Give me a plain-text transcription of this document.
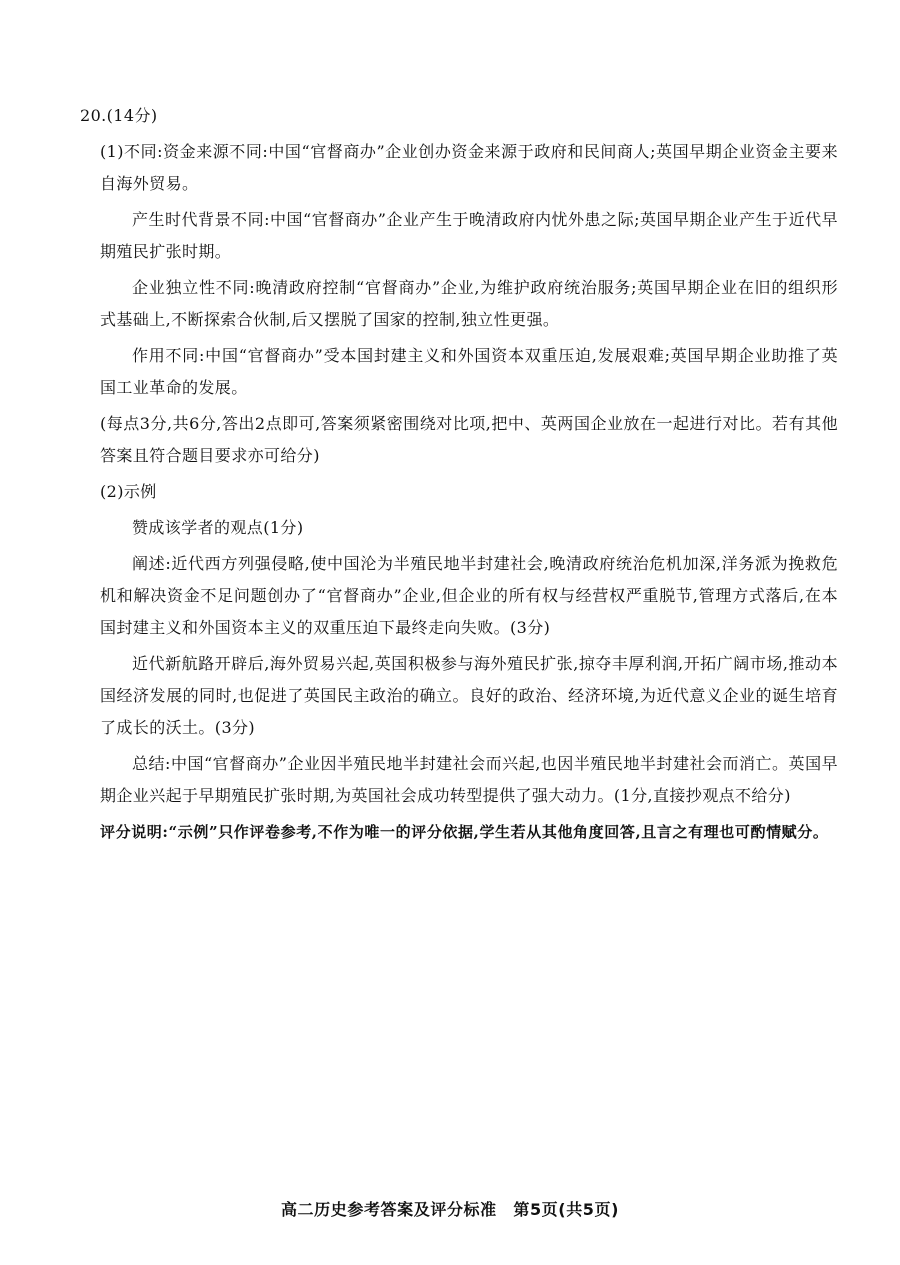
20.(14分)

(1)不同:资金来源不同:中国“官督商办”企业创办资金来源于政府和民间商人;英国早期企业资金主要来自海外贸易。

产生时代背景不同:中国“官督商办”企业产生于晚清政府内忧外患之际;英国早期企业产生于近代早期殖民扩张时期。

企业独立性不同:晚清政府控制“官督商办”企业,为维护政府统治服务;英国早期企业在旧的组织形式基础上,不断探索合伙制,后又摆脱了国家的控制,独立性更强。

作用不同:中国“官督商办”受本国封建主义和外国资本双重压迫,发展艰难;英国早期企业助推了英国工业革命的发展。

(每点3分,共6分,答出2点即可,答案须紧密围绕对比项,把中、英两国企业放在一起进行对比。若有其他答案且符合题目要求亦可给分)

(2)示例

赞成该学者的观点(1分)

阐述:近代西方列强侵略,使中国沦为半殖民地半封建社会,晚清政府统治危机加深,洋务派为挽救危机和解决资金不足问题创办了“官督商办”企业,但企业的所有权与经营权严重脱节,管理方式落后,在本国封建主义和外国资本主义的双重压迫下最终走向失败。(3分)

近代新航路开辟后,海外贸易兴起,英国积极参与海外殖民扩张,掠夺丰厚利润,开拓广阔市场,推动本国经济发展的同时,也促进了英国民主政治的确立。良好的政治、经济环境,为近代意义企业的诞生培育了成长的沃土。(3分)

总结:中国“官督商办”企业因半殖民地半封建社会而兴起,也因半殖民地半封建社会而消亡。英国早期企业兴起于早期殖民扩张时期,为英国社会成功转型提供了强大动力。(1分,直接抄观点不给分)

评分说明:“示例”只作评卷参考,不作为唯一的评分依据,学生若从其他角度回答,且言之有理也可酌情赋分。

高二历史参考答案及评分标准　第5页(共5页)
